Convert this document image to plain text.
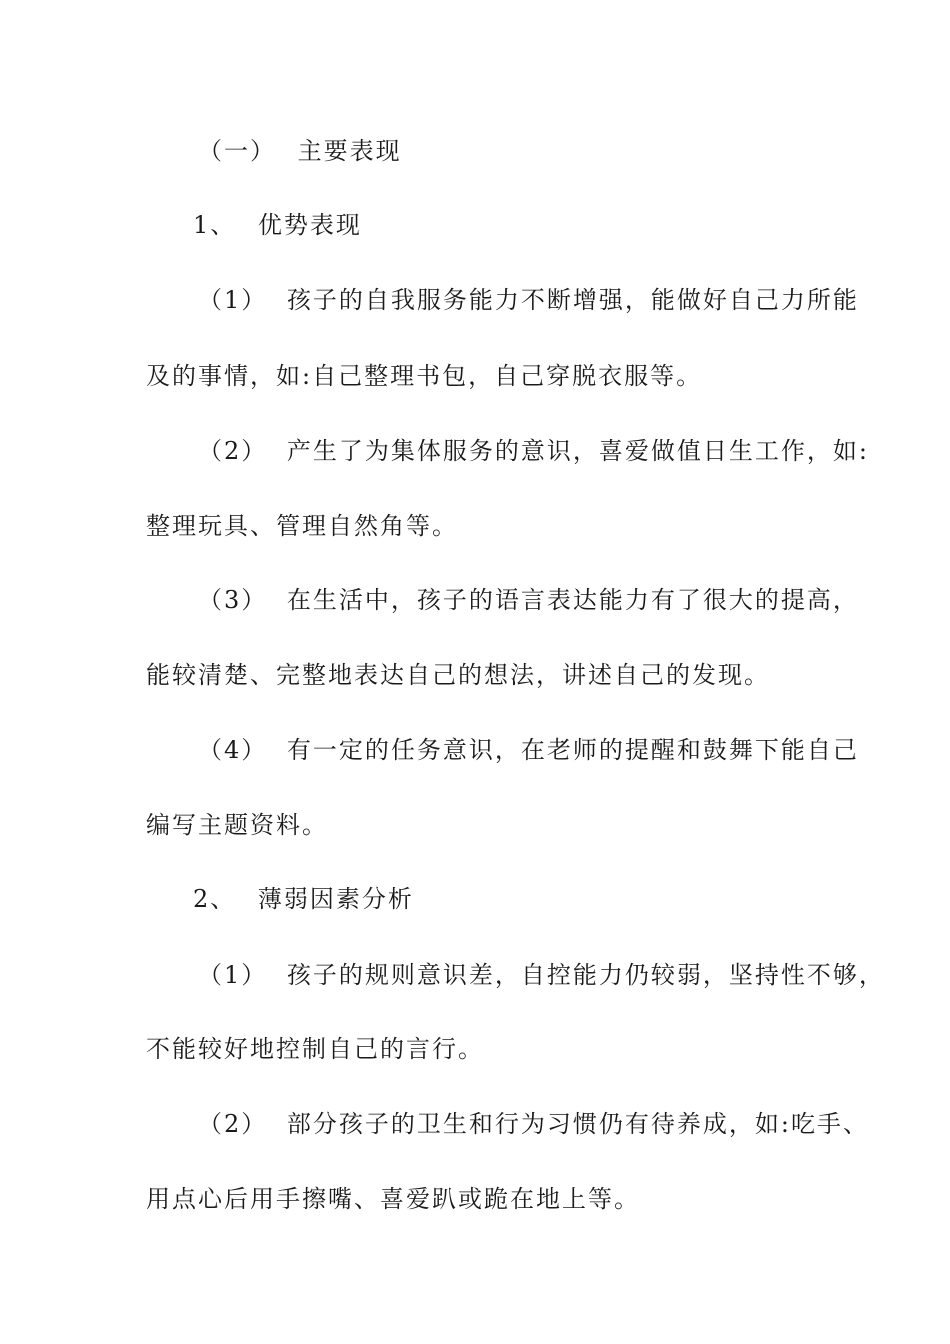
（一） 主要表现
1、 优势表现
（1） 孩子的自我服务能力不断增强，能做好自己力所能
及的事情，如:自己整理书包，自己穿脱衣服等。
（2） 产生了为集体服务的意识，喜爱做值日生工作，如:
整理玩具、管理自然角等。
（3） 在生活中，孩子的语言表达能力有了很大的提高，
能较清楚、完整地表达自己的想法，讲述自己的发现。
（4） 有一定的任务意识，在老师的提醒和鼓舞下能自己
编写主题资料。
2、 薄弱因素分析
（1） 孩子的规则意识差，自控能力仍较弱，坚持性不够，
不能较好地控制自己的言行。
（2） 部分孩子的卫生和行为习惯仍有待养成，如:吃手、
用点心后用手擦嘴、喜爱趴或跪在地上等。
